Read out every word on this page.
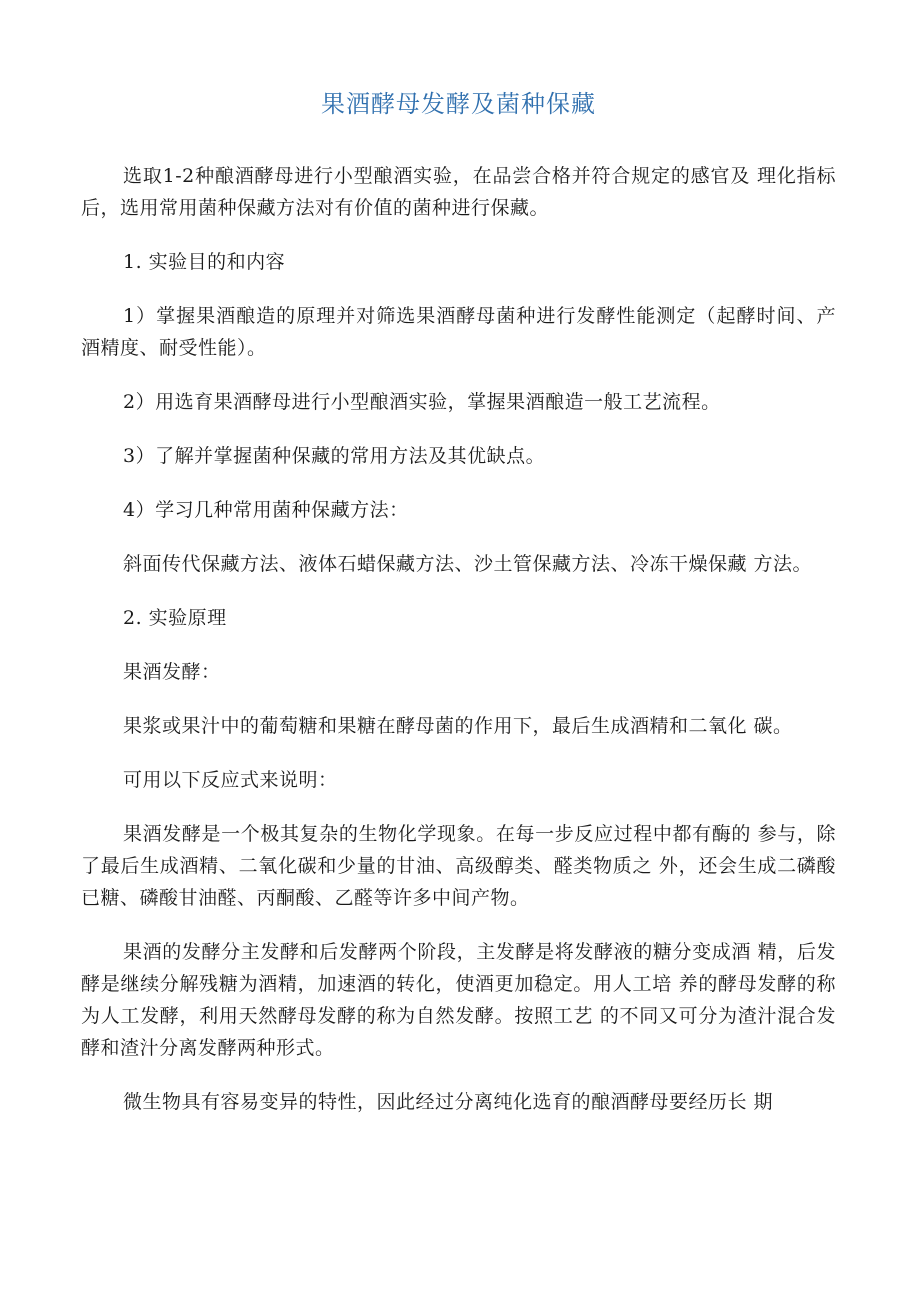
果酒酵母发酵及菌种保藏

选取1-2种酿酒酵母进行小型酿酒实验，在品尝合格并符合规定的感官及 理化指标后，选用常用菌种保藏方法对有价值的菌种进行保藏。

1. 实验目的和内容

1）掌握果酒酿造的原理并对筛选果酒酵母菌种进行发酵性能测定（起酵时间、产酒精度、耐受性能）。

2）用选育果酒酵母进行小型酿酒实验，掌握果酒酿造一般工艺流程。

3）了解并掌握菌种保藏的常用方法及其优缺点。

4）学习几种常用菌种保藏方法：

斜面传代保藏方法、液体石蜡保藏方法、沙土管保藏方法、冷冻干燥保藏 方法。

2. 实验原理

果酒发酵：

果浆或果汁中的葡萄糖和果糖在酵母菌的作用下，最后生成酒精和二氧化 碳。

可用以下反应式来说明：

果酒发酵是一个极其复杂的生物化学现象。在每一步反应过程中都有酶的 参与，除了最后生成酒精、二氧化碳和少量的甘油、高级醇类、醛类物质之 外，还会生成二磷酸已糖、磷酸甘油醛、丙酮酸、乙醛等许多中间产物。

果酒的发酵分主发酵和后发酵两个阶段，主发酵是将发酵液的糖分变成酒 精，后发酵是继续分解残糖为酒精，加速酒的转化，使酒更加稳定。用人工培 养的酵母发酵的称为人工发酵，利用天然酵母发酵的称为自然发酵。按照工艺 的不同又可分为渣汁混合发酵和渣汁分离发酵两种形式。

微生物具有容易变异的特性，因此经过分离纯化选育的酿酒酵母要经历长 期
